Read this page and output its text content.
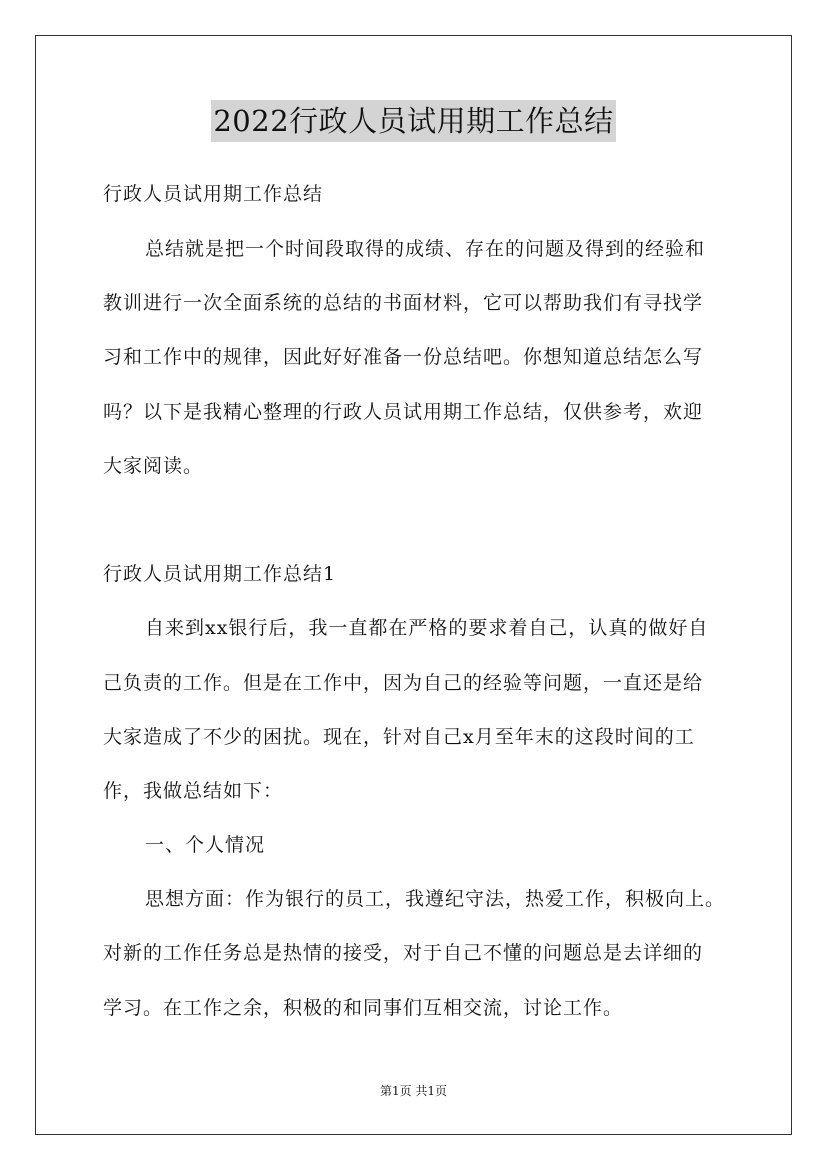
2022行政人员试用期工作总结
行政人员试用期工作总结
总结就是把一个时间段取得的成绩、存在的问题及得到的经验和
教训进行一次全面系统的总结的书面材料，它可以帮助我们有寻找学
习和工作中的规律，因此好好准备一份总结吧。你想知道总结怎么写
吗？以下是我精心整理的行政人员试用期工作总结，仅供参考，欢迎
大家阅读。
行政人员试用期工作总结1
自来到xx银行后，我一直都在严格的要求着自己，认真的做好自
己负责的工作。但是在工作中，因为自己的经验等问题，一直还是给
大家造成了不少的困扰。现在，针对自己x月至年末的这段时间的工
作，我做总结如下：
一、个人情况
思想方面：作为银行的员工，我遵纪守法，热爱工作，积极向上。
对新的工作任务总是热情的接受，对于自己不懂的问题总是去详细的
学习。在工作之余，积极的和同事们互相交流，讨论工作。
第1页 共1页
